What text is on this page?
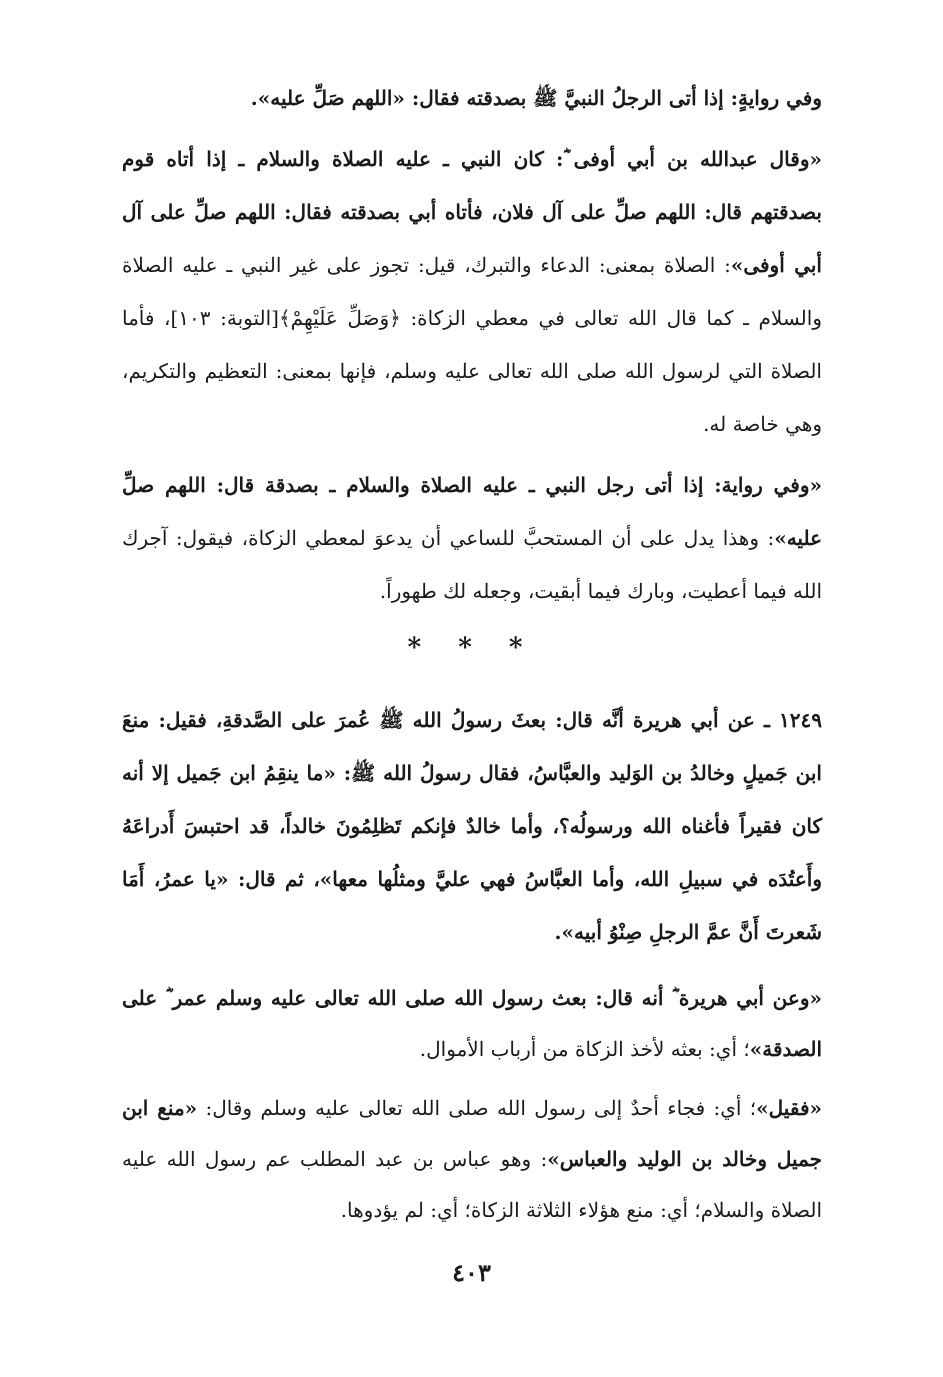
وفي روايةٍ: إذا أتى الرجلُ النبيَّ ﷺ بصدقته فقال: «اللهم صَلِّ عليه».

«وقال عبدالله بن أبي أوفى ؓ: كان النبي ـ عليه الصلاة والسلام ـ إذا أتاه قوم بصدقتهم قال: اللهم صلِّ على آل فلان، فأتاه أبي بصدقته فقال: اللهم صلِّ على آل أبي أوفى»: الصلاة بمعنى: الدعاء والتبرك، قيل: تجوز على غير النبي ـ عليه الصلاة والسلام ـ كما قال الله تعالى في معطي الزكاة: ﴿وَصَلِّ عَلَيْهِمْ﴾[التوبة: ١٠٣]، فأما الصلاة التي لرسول الله صلى الله تعالى عليه وسلم، فإنها بمعنى: التعظيم والتكريم، وهي خاصة له.

«وفي رواية: إذا أتى رجل النبي ـ عليه الصلاة والسلام ـ بصدقة قال: اللهم صلِّ عليه»: وهذا يدل على أن المستحبَّ للساعي أن يدعوَ لمعطي الزكاة، فيقول: آجرك الله فيما أعطيت، وبارك فيما أبقيت، وجعله لك طهوراً.

* * *

١٢٤٩ ـ عن أبي هريرة أنَّه قال: بعثَ رسولُ الله ﷺ عُمرَ على الصَّدقةِ، فقيل: منعَ ابن جَميلٍ وخالدُ بن الوَليد والعبَّاسُ، فقال رسولُ الله ﷺ: «ما ينقِمُ ابن جَميل إلا أنه كان فقيراً فأغناه الله ورسولُه؟، وأما خالدٌ فإنكم تَظلِمُونَ خالداً، قد احتبسَ أَدراعَهُ وأَعتُدَه في سبيلِ الله، وأما العبَّاسُ فهي عليَّ ومثلُها معها»، ثم قال: «يا عمرُ، أَمَا شَعرتَ أَنَّ عمَّ الرجلِ صِنْوُ أبيه».

«وعن أبي هريرة ؓ أنه قال: بعث رسول الله صلى الله تعالى عليه وسلم عمر ؓ على الصدقة»؛ أي: بعثه لأخذ الزكاة من أرباب الأموال.

«فقيل»؛ أي: فجاء أحدٌ إلى رسول الله صلى الله تعالى عليه وسلم وقال: «منع ابن جميل وخالد بن الوليد والعباس»: وهو عباس بن عبد المطلب عم رسول الله عليه الصلاة والسلام؛ أي: منع هؤلاء الثلاثة الزكاة؛ أي: لم يؤدوها.

٤٠٣
